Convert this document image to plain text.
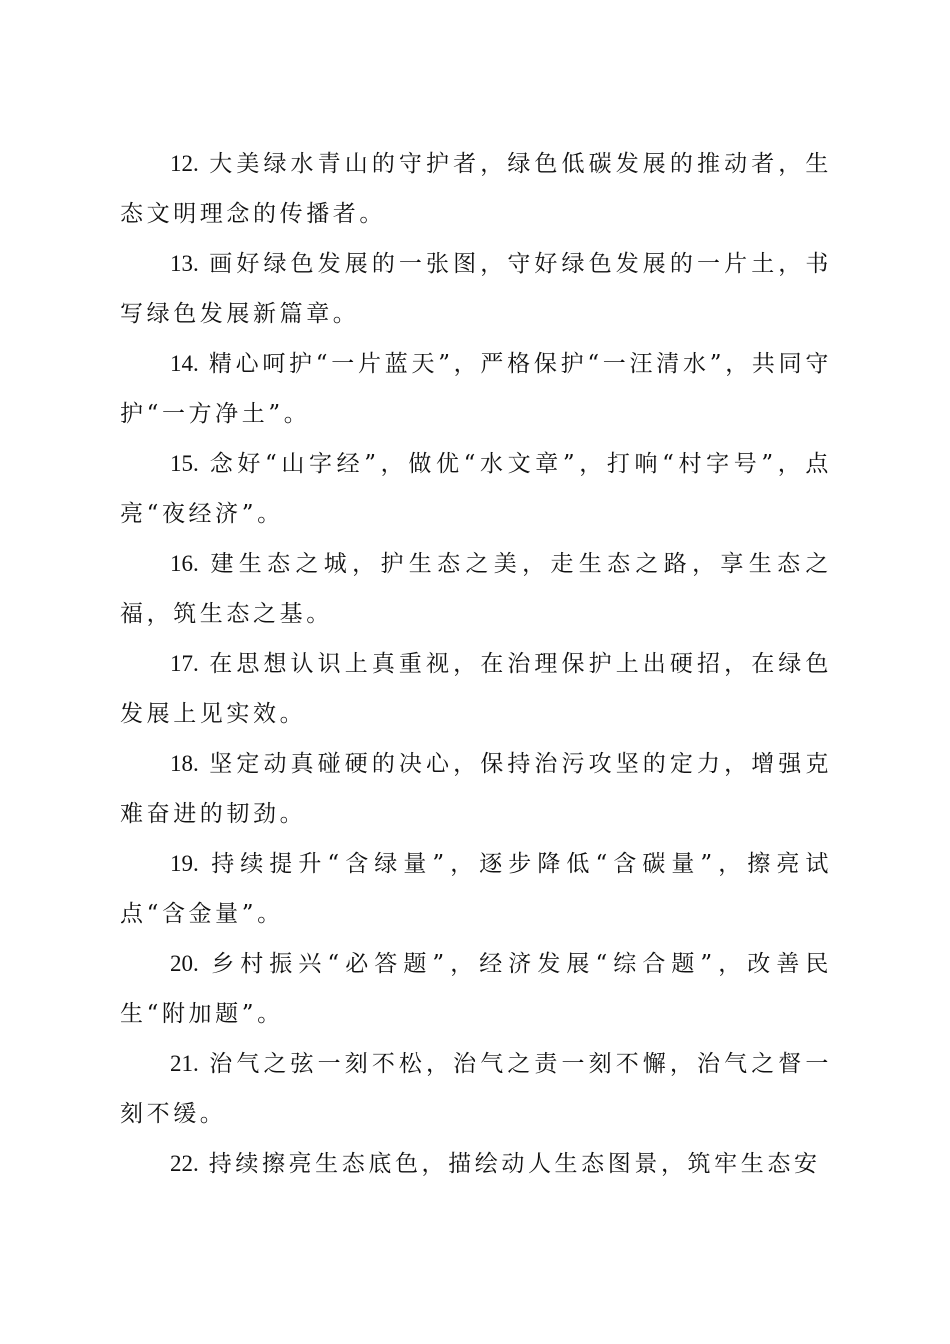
12. 大美绿水青山的守护者，绿色低碳发展的推动者，生态文明理念的传播者。

13. 画好绿色发展的一张图，守好绿色发展的一片土，书写绿色发展新篇章。

14. 精心呵护“一片蓝天”，严格保护“一汪清水”，共同守护“一方净土”。

15. 念好“山字经”，做优“水文章”，打响“村字号”，点亮“夜经济”。

16. 建生态之城，护生态之美，走生态之路，享生态之福，筑生态之基。

17. 在思想认识上真重视，在治理保护上出硬招，在绿色发展上见实效。

18. 坚定动真碰硬的决心，保持治污攻坚的定力，增强克难奋进的韧劲。

19. 持续提升“含绿量”，逐步降低“含碳量”，擦亮试点“含金量”。

20. 乡村振兴“必答题”，经济发展“综合题”，改善民生“附加题”。

21. 治气之弦一刻不松，治气之责一刻不懈，治气之督一刻不缓。

22. 持续擦亮生态底色，描绘动人生态图景，筑牢生态安
